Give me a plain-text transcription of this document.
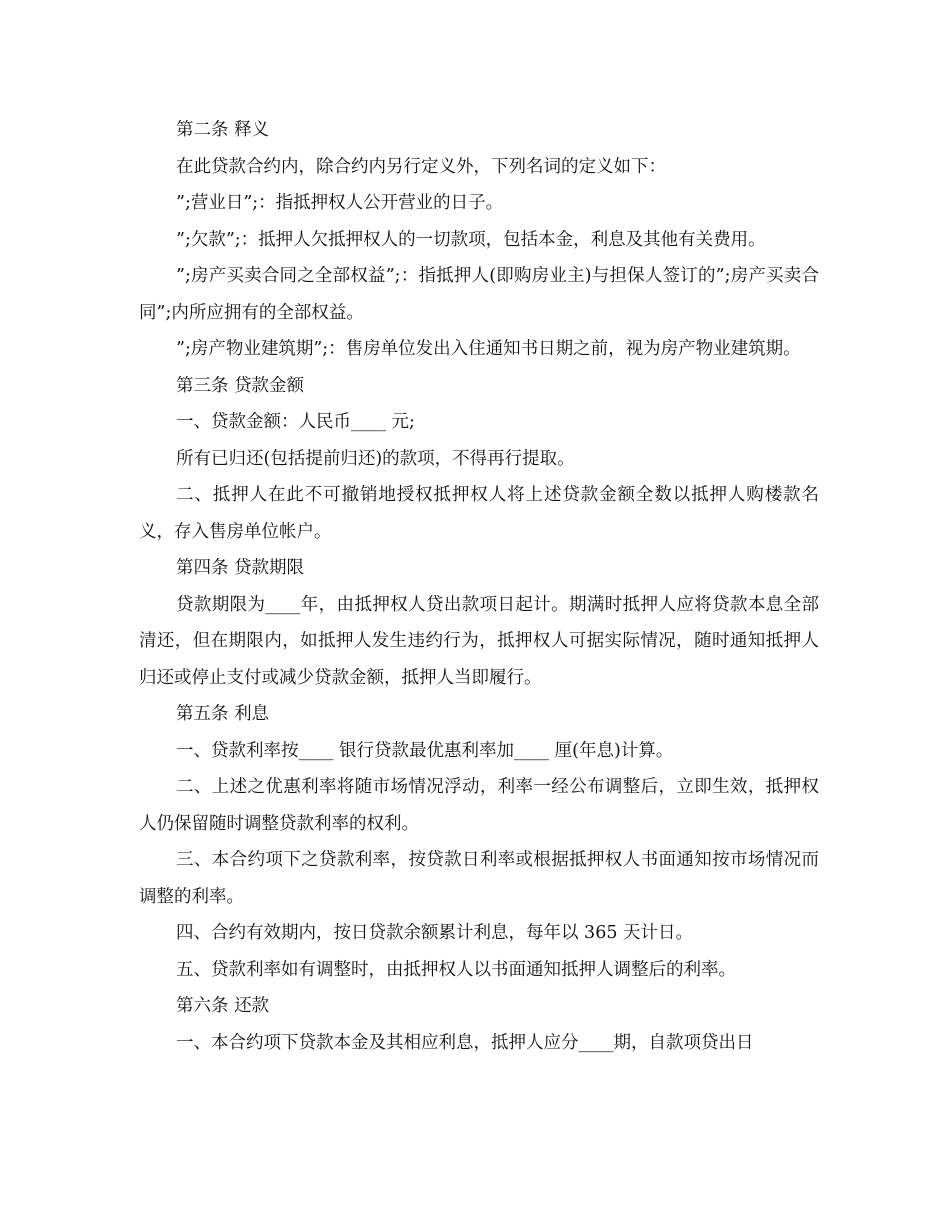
第二条 释义

在此贷款合约内，除合约内另行定义外，下列名词的定义如下：

”;营业日”;：指抵押权人公开营业的日子。

”;欠款”;：抵押人欠抵押权人的一切款项，包括本金，利息及其他有关费用。

”;房产买卖合同之全部权益”;：指抵押人(即购房业主)与担保人签订的”;房产买卖合同”;内所应拥有的全部权益。

”;房产物业建筑期”;：售房单位发出入住通知书日期之前，视为房产物业建筑期。

第三条 贷款金额

一、贷款金额：人民币____ 元;

所有已归还(包括提前归还)的款项，不得再行提取。

二、抵押人在此不可撤销地授权抵押权人将上述贷款金额全数以抵押人购楼款名义，存入售房单位帐户。

第四条 贷款期限

贷款期限为____年，由抵押权人贷出款项日起计。期满时抵押人应将贷款本息全部清还，但在期限内，如抵押人发生违约行为，抵押权人可据实际情况，随时通知抵押人归还或停止支付或减少贷款金额，抵押人当即履行。

第五条 利息

一、贷款利率按____ 银行贷款最优惠利率加____ 厘(年息)计算。

二、上述之优惠利率将随市场情况浮动，利率一经公布调整后，立即生效，抵押权人仍保留随时调整贷款利率的权利。

三、本合约项下之贷款利率，按贷款日利率或根据抵押权人书面通知按市场情况而调整的利率。

四、合约有效期内，按日贷款余额累计利息，每年以 365 天计日。

五、贷款利率如有调整时，由抵押权人以书面通知抵押人调整后的利率。

第六条 还款

一、本合约项下贷款本金及其相应利息，抵押人应分____期，自款项贷出日
